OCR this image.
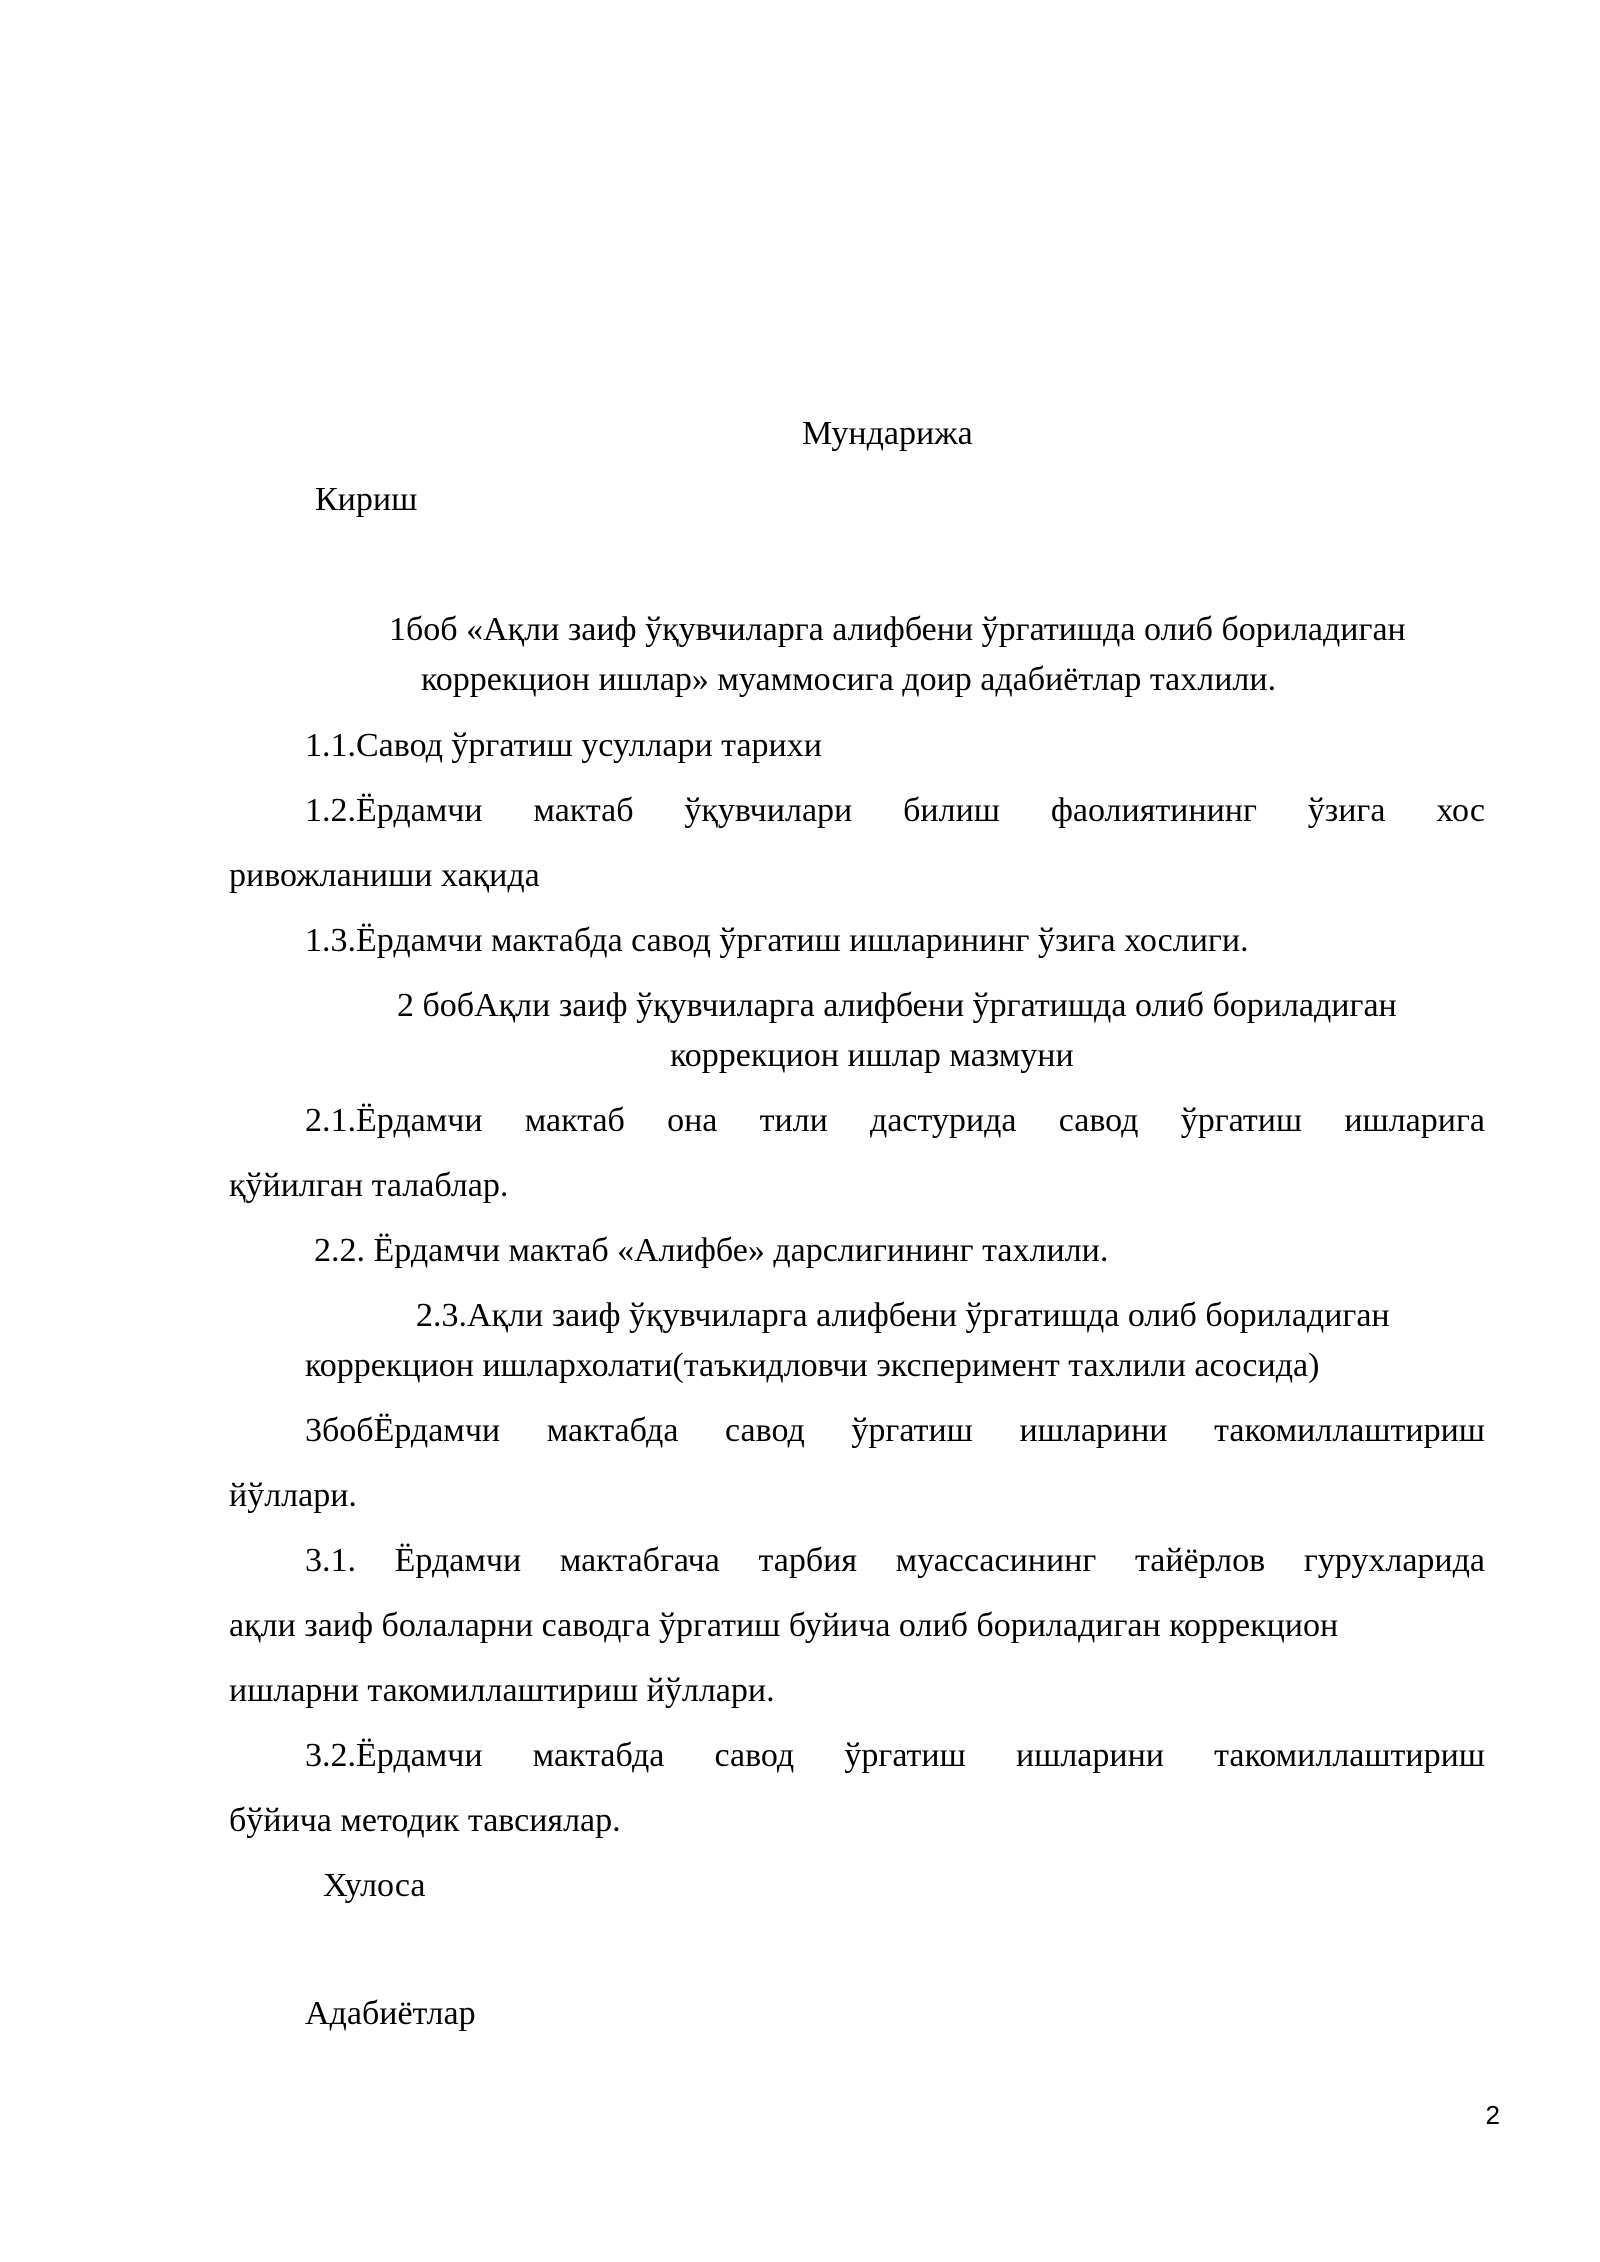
Мундарижа
Кириш
1боб «Ақли заиф ўқувчиларга алифбени ўргатишда олиб бориладиган
коррекцион ишлар» муаммосига доир адабиётлар тахлили.
1.1.Савод ўргатиш усуллари тарихи
1.2.Ёрдамчи мактаб ўқувчилари билиш фаолиятининг ўзига хос
ривожланиши хақида
1.3.Ёрдамчи мактабда савод ўргатиш ишларининг ўзига хослиги.
2 бобАқли заиф ўқувчиларга алифбени ўргатишда олиб бориладиган
коррекцион ишлар мазмуни
2.1.Ёрдамчи мактаб она тили дастурида савод ўргатиш ишларига
қўйилган талаблар.
2.2. Ёрдамчи мактаб «Алифбе» дарслигининг тахлили.
2.3.Ақли заиф ўқувчиларга алифбени ўргатишда олиб бориладиган
коррекцион ишлархолати(таъкидловчи эксперимент тахлили асосида)
3бобЁрдамчи мактабда савод ўргатиш ишларини такомиллаштириш
йўллари.
3.1. Ёрдамчи мактабгача тарбия муассасининг тайёрлов гурухларида
ақли заиф болаларни саводга ўргатиш буйича олиб бориладиган коррекцион
ишларни такомиллаштириш йўллари.
3.2.Ёрдамчи мактабда савод ўргатиш ишларини такомиллаштириш
бўйича методик тавсиялар.
Хулоса
Адабиётлар
2
